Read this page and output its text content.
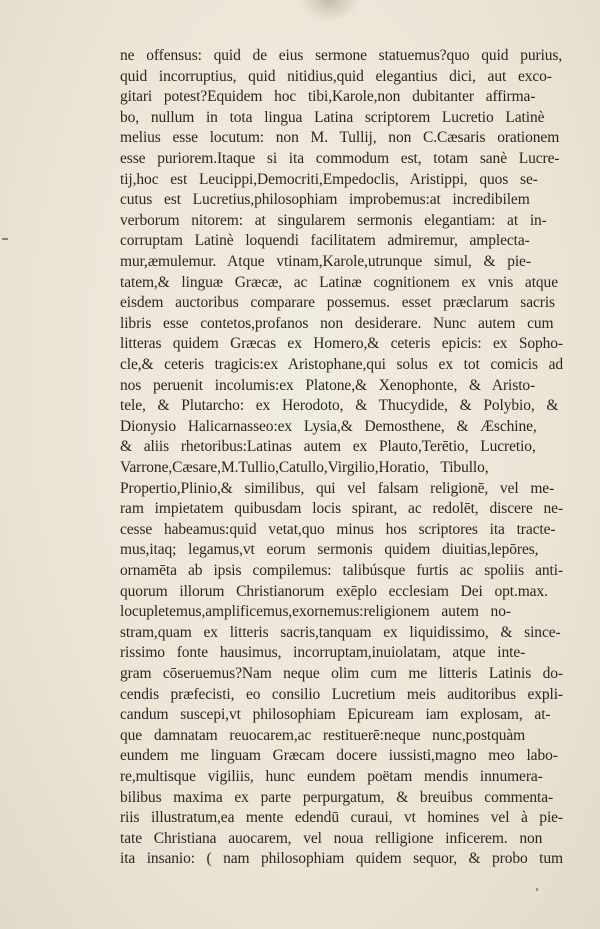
ne offensus: quid de eius sermone statuemus?quo quid purius,
quid incorruptius, quid nitidius,quid elegantius dici, aut exco-
gitari potest?Equidem hoc tibi,Karole,non dubitanter affirma-
bo, nullum in tota lingua Latina scriptorem Lucretio Latinè
melius esse locutum: non M. Tullij, non C.Cæsaris orationem
esse puriorem.Itaque si ita commodum est, totam sanè Lucre-
tij,hoc est Leucippi,Democriti,Empedoclis, Aristippi, quos se-
cutus est Lucretius,philosophiam improbemus:at incredibilem
verborum nitorem: at singularem sermonis elegantiam: at in-
corruptam Latinè loquendi facilitatem admiremur, amplecta-
mur,æmulemur. Atque vtinam,Karole,utrunque simul, & pie-
tatem,& linguæ Græcæ, ac Latinæ cognitionem ex vnis atque
eisdem auctoribus comparare possemus. esset præclarum sacris
libris esse contetos,profanos non desiderare. Nunc autem cum
litteras quidem Græcas ex Homero,& ceteris epicis: ex Sopho-
cle,& ceteris tragicis:ex Aristophane,qui solus ex tot comicis ad
nos peruenit incolumis:ex Platone,& Xenophonte, & Aristo-
tele, & Plutarcho: ex Herodoto, & Thucydide, & Polybio, &
Dionysio Halicarnasseo:ex Lysia,& Demosthene, & Æschine,
& aliis rhetoribus:Latinas autem ex Plauto,Terētio, Lucretio,
Varrone,Cæsare,M.Tullio,Catullo,Virgilio,Horatio, Tibullo,
Propertio,Plinio,& similibus, qui vel falsam religionē, vel me-
ram impietatem quibusdam locis spirant, ac redolēt, discere ne-
cesse habeamus:quid vetat,quo minus hos scriptores ita tracte-
mus,itaq; legamus,vt eorum sermonis quidem diuitias,lepōres,
ornamēta ab ipsis compilemus: talibúsque furtis ac spoliis anti-
quorum illorum Christianorum exēplo ecclesiam Dei opt.max.
locupletemus,amplificemus,exornemus:religionem autem no-
stram,quam ex litteris sacris,tanquam ex liquidissimo, & since-
rissimo fonte hausimus, incorruptam,inuiolatam, atque inte-
gram cōseruemus?Nam neque olim cum me litteris Latinis do-
cendis præfecisti, eo consilio Lucretium meis auditoribus expli-
candum suscepi,vt philosophiam Epicuream iam explosam, at-
que damnatam reuocarem,ac restituerē:neque nunc,postquàm
eundem me linguam Græcam docere iussisti,magno meo labo-
re,multisque vigiliis, hunc eundem poëtam mendis innumera-
bilibus maxima ex parte perpurgatum, & breuibus commenta-
riis illustratum,ea mente edendū curaui, vt homines vel à pie-
tate Christiana auocarem, vel noua relligione inficerem. non
ita insanio: ( nam philosophiam quidem sequor, & probo tum
